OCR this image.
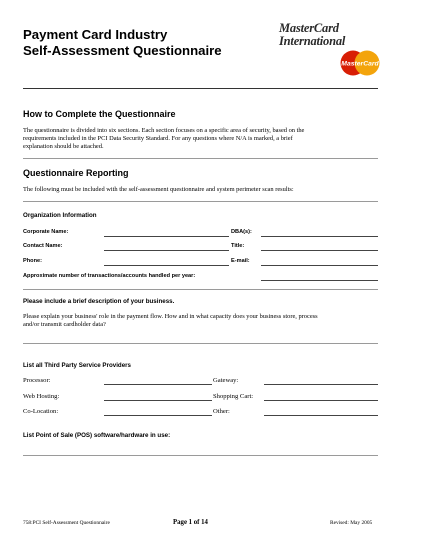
Payment Card Industry
Self-Assessment Questionnaire
MasterCard
International
MasterCard
How to Complete the Questionnaire
The questionnaire is divided into six sections. Each section focuses on a specific area of security, based on the
requirements included in the PCI Data Security Standard. For any questions where N/A is marked, a brief
explanation should be attached.
Questionnaire Reporting
The following must be included with the self-assessment questionnaire and system perimeter scan results:
Organization Information
Corporate Name:	DBA(s):
Contact Name:	Title:
Phone:	E-mail:
Approximate number of transactions/accounts handled per year:
Please include a brief description of your business.
Please explain your business' role in the payment flow. How and in what capacity does your business store, process
and/or transmit cardholder data?
List all Third Party Service Providers
Processor:	Gateway:
Web Hosting:	Shopping Cart:
Co-Location:	Other:
List Point of Sale (POS) software/hardware in use:
758:PCI Self-Assessment Questionnaire	Page 1 of 14	Revised: May 2005
